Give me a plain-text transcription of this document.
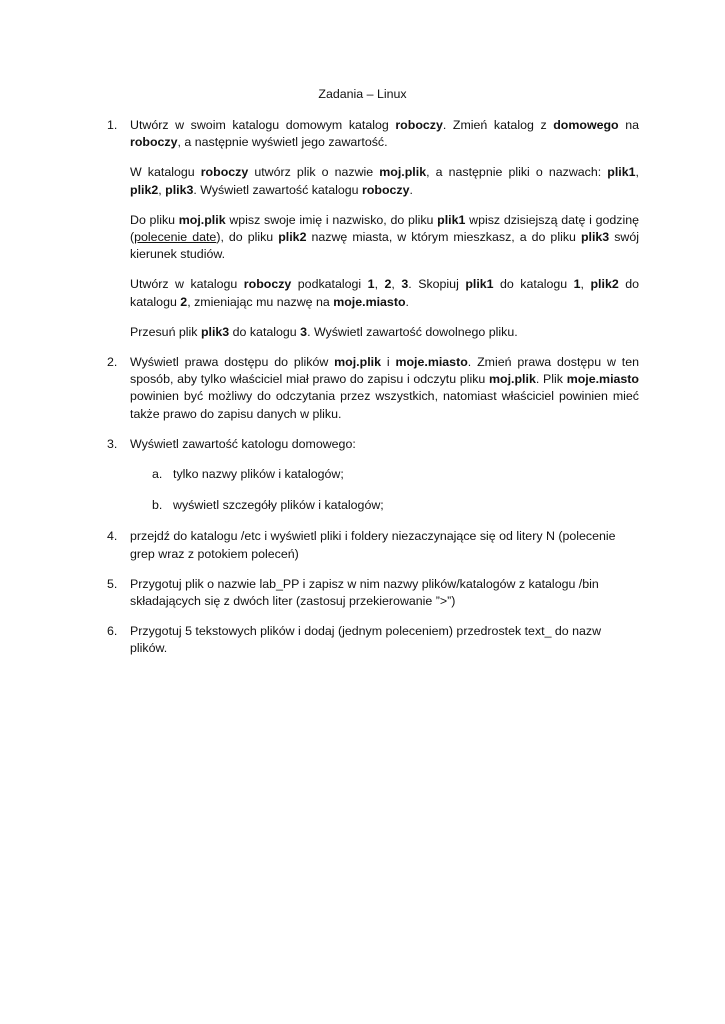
Zadania – Linux

1. Utwórz w swoim katalogu domowym katalog roboczy. Zmień katalog z domowego na roboczy, a następnie wyświetl jego zawartość.

W katalogu roboczy utwórz plik o nazwie moj.plik, a następnie pliki o nazwach: plik1, plik2, plik3. Wyświetl zawartość katalogu roboczy.

Do pliku moj.plik wpisz swoje imię i nazwisko, do pliku plik1 wpisz dzisiejszą datę i godzinę (polecenie date), do pliku plik2 nazwę miasta, w którym mieszkasz, a do pliku plik3 swój kierunek studiów.

Utwórz w katalogu roboczy podkatalogi 1, 2, 3. Skopiuj plik1 do katalogu 1, plik2 do katalogu 2, zmieniając mu nazwę na moje.miasto.

Przesuń plik plik3 do katalogu 3. Wyświetl zawartość dowolnego pliku.

2. Wyświetl prawa dostępu do plików moj.plik i moje.miasto. Zmień prawa dostępu w ten sposób, aby tylko właściciel miał prawo do zapisu i odczytu pliku moj.plik. Plik moje.miasto powinien być możliwy do odczytania przez wszystkich, natomiast właściciel powinien mieć także prawo do zapisu danych w pliku.

3. Wyświetl zawartość katologu domowego:

a. tylko nazwy plików i katalogów;
b. wyświetl szczegóły plików i katalogów;
4. przejdź do katalogu /etc i wyświetl pliki i foldery niezaczynające się od litery N (polecenie grep wraz z potokiem poleceń)

5. Przygotuj plik o nazwie lab_PP i zapisz w nim nazwy plików/katalogów z katalogu /bin składających się z dwóch liter (zastosuj przekierowanie ”>”)

6. Przygotuj 5 tekstowych plików i dodaj (jednym poleceniem) przedrostek text_ do nazw plików.
